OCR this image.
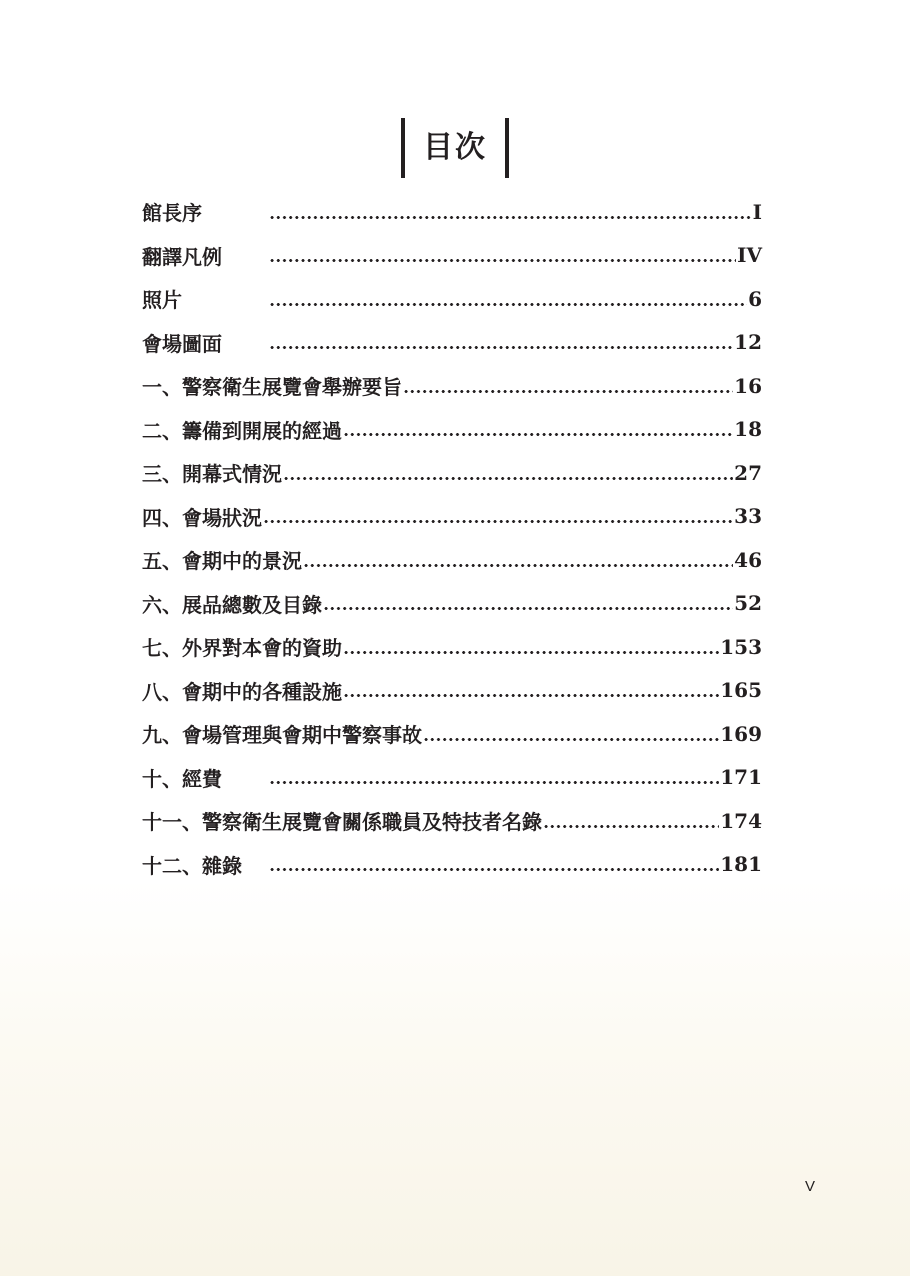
目次
館長序	I
翻譯凡例	IV
照片	6
會場圖面	12
一、警察衛生展覽會舉辦要旨	16
二、籌備到開展的經過	18
三、開幕式情況	27
四、會場狀況	33
五、會期中的景況	46
六、展品總數及目錄	52
七、外界對本會的資助	153
八、會期中的各種設施	165
九、會場管理與會期中警察事故	169
十、經費	171
十一、警察衛生展覽會關係職員及特技者名錄	174
十二、雜錄	181
V
